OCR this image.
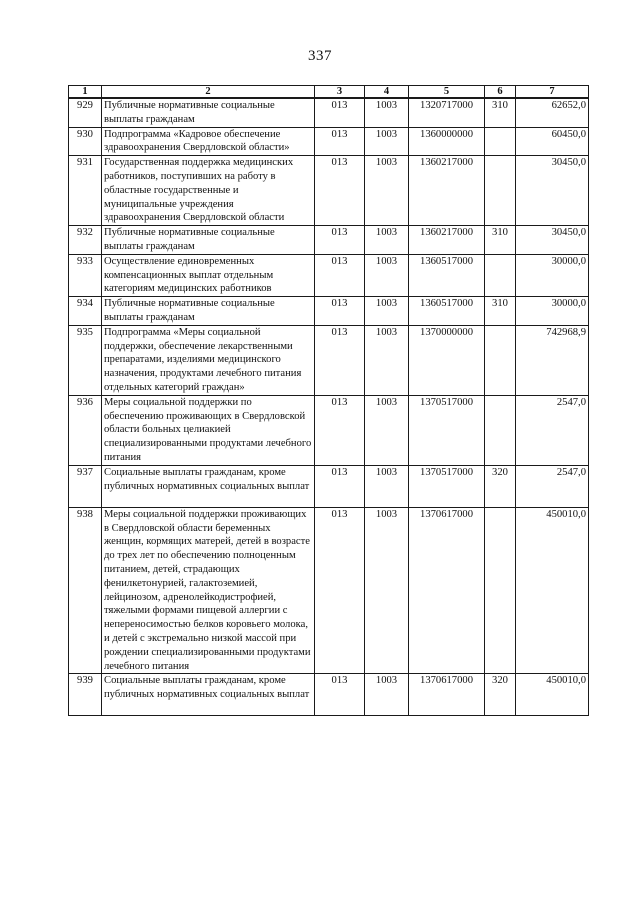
337
1	2	3	4	5	6	7
929	Публичные нормативные социальные выплаты гражданам	013	1003	1320717000	310	62652,0
930	Подпрограмма «Кадровое обеспечение здравоохранения Свердловской области»	013	1003	1360000000		60450,0
931	Государственная поддержка медицинских работников, поступивших на работу в областные государственные и муниципальные учреждения здравоохранения Свердловской области	013	1003	1360217000		30450,0
932	Публичные нормативные социальные выплаты гражданам	013	1003	1360217000	310	30450,0
933	Осуществление единовременных компенсационных выплат отдельным категориям медицинских работников	013	1003	1360517000		30000,0
934	Публичные нормативные социальные выплаты гражданам	013	1003	1360517000	310	30000,0
935	Подпрограмма «Меры социальной поддержки, обеспечение лекарственными препаратами, изделиями медицинского назначения, продуктами лечебного питания отдельных категорий граждан»	013	1003	1370000000		742968,9
936	Меры социальной поддержки по обеспечению проживающих в Свердловской области больных целиакией специализированными продуктами лечебного питания	013	1003	1370517000		2547,0
937	Социальные выплаты гражданам, кроме публичных нормативных социальных выплат	013	1003	1370517000	320	2547,0
938	Меры социальной поддержки проживающих в Свердловской области беременных женщин, кормящих матерей, детей в возрасте до трех лет по обеспечению полноценным питанием, детей, страдающих фенилкетонурией, галактоземией, лейцинозом, адренолейкодистрофией, тяжелыми формами пищевой аллергии с непереносимостью белков коровьего молока, и детей с экстремально низкой массой при рождении специализированными продуктами лечебного питания	013	1003	1370617000		450010,0
939	Социальные выплаты гражданам, кроме публичных нормативных социальных выплат	013	1003	1370617000	320	450010,0
